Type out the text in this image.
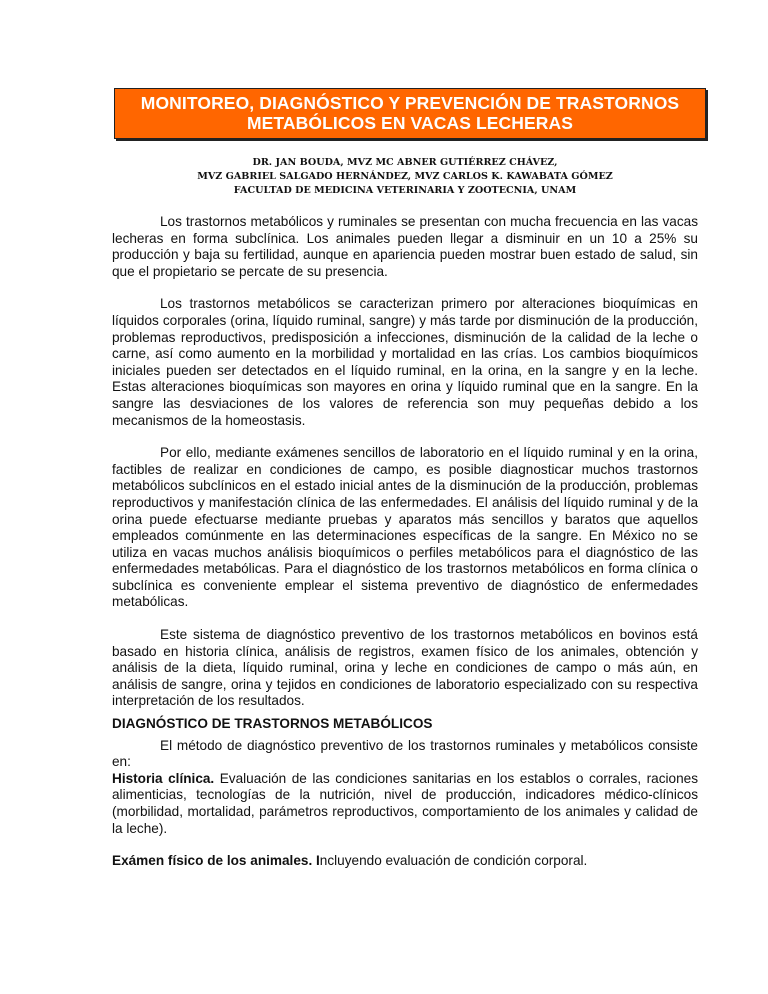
MONITOREO, DIAGNÓSTICO Y PREVENCIÓN DE TRASTORNOS
METABÓLICOS EN VACAS LECHERAS
DR. JAN BOUDA, MVZ MC ABNER GUTIÉRREZ CHÁVEZ,
MVZ GABRIEL SALGADO HERNÁNDEZ, MVZ CARLOS K. KAWABATA GÓMEZ
FACULTAD DE MEDICINA VETERINARIA Y ZOOTECNIA, UNAM

Los trastornos metabólicos y ruminales se presentan con mucha frecuencia en las vacas lecheras en forma subclínica. Los animales pueden llegar a disminuir en un 10 a 25% su producción y baja su fertilidad, aunque en apariencia pueden mostrar buen estado de salud, sin que el propietario se percate de su presencia.

Los trastornos metabólicos se caracterizan primero por alteraciones bioquímicas en líquidos corporales (orina, líquido ruminal, sangre) y más tarde por disminución de la producción, problemas reproductivos, predisposición a infecciones, disminución de la calidad de la leche o carne, así como aumento en la morbilidad y mortalidad en las crías. Los cambios bioquímicos iniciales pueden ser detectados en el líquido ruminal, en la orina, en la sangre y en la leche. Estas alteraciones bioquímicas son mayores en orina y líquido ruminal que en la sangre. En la sangre las desviaciones de los valores de referencia son muy pequeñas debido a los mecanismos de la homeostasis.

Por ello, mediante exámenes sencillos de laboratorio en el líquido ruminal y en la orina, factibles de realizar en condiciones de campo, es posible diagnosticar muchos trastornos metabólicos subclínicos en el estado inicial antes de la disminución de la producción, problemas reproductivos y manifestación clínica de las enfermedades. El análisis del líquido ruminal y de la orina puede efectuarse mediante pruebas y aparatos más sencillos y baratos que aquellos empleados comúnmente en las determinaciones específicas de la sangre. En México no se utiliza en vacas muchos análisis bioquímicos o perfiles metabólicos para el diagnóstico de las enfermedades metabólicas. Para el diagnóstico de los trastornos metabólicos en forma clínica o subclínica es conveniente emplear el sistema preventivo de diagnóstico de enfermedades metabólicas.

Este sistema de diagnóstico preventivo de los trastornos metabólicos en bovinos está basado en historia clínica, análisis de registros, examen físico de los animales, obtención y análisis de la dieta, líquido ruminal, orina y leche en condiciones de campo o más aún, en análisis de sangre, orina y tejidos en condiciones de laboratorio especializado con su respectiva interpretación de los resultados.

DIAGNÓSTICO DE TRASTORNOS METABÓLICOS

El método de diagnóstico preventivo de los trastornos ruminales y metabólicos consiste en:

Historia clínica. Evaluación de las condiciones sanitarias en los establos o corrales, raciones alimenticias, tecnologías de la nutrición, nivel de producción, indicadores médico-clínicos (morbilidad, mortalidad, parámetros reproductivos, comportamiento de los animales y calidad de la leche).

Exámen físico de los animales. Incluyendo evaluación de condición corporal.
